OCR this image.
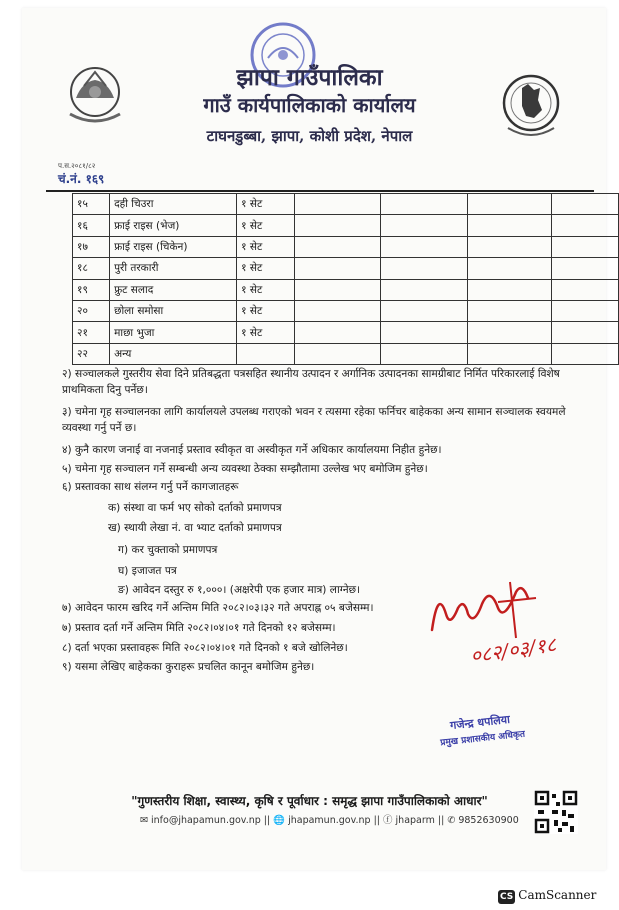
झापा गाउँपालिका
गाउँ कार्यपालिकाको कार्यालय
टाघनडुब्बा, झापा, कोशी प्रदेश, नेपाल
प.स.२०८१/८२
चं.नं. १६९
१५	दही चिउरा	१ सेट				
१६	फ्राई राइस (भेज)	१ सेट				
१७	फ्राई राइस (चिकेन)	१ सेट				
१८	पुरी तरकारी	१ सेट				
१९	फ्रुट सलाद	१ सेट				
२०	छोला समोसा	१ सेट				
२१	माछा भुजा	१ सेट				
२२	अन्य					
२) सञ्चालकले गुस्तरीय सेवा दिने प्रतिबद्धता पत्रसहित स्थानीय उत्पादन र अर्गानिक उत्पादनका सामग्रीबाट निर्मित परिकारलाई विशेष प्राथमिकता दिनु पर्नेछ।
३) चमेना गृह सञ्चालनका लागि कार्यालयले उपलब्ध गराएको भवन र त्यसमा रहेका फर्निचर बाहेकका अन्य सामान सञ्चालक स्वयमले व्यवस्था गर्नु पर्ने छ।
४) कुनै कारण जनाई वा नजनाई प्रस्ताव स्वीकृत वा अस्वीकृत गर्ने अधिकार कार्यालयमा निहीत हुनेछ।
५) चमेना गृह सञ्चालन गर्ने सम्बन्धी अन्य व्यवस्था ठेक्का सम्झौतामा उल्लेख भए बमोजिम हुनेछ।
६) प्रस्तावका साथ संलग्न गर्नु पर्ने कागजातहरू
क) संस्था वा फर्म भए सोको दर्ताको प्रमाणपत्र
ख) स्थायी लेखा नं. वा भ्याट दर्ताको प्रमाणपत्र
ग) कर चुक्ताको प्रमाणपत्र
घ) इजाजत पत्र
ङ) आवेदन दस्तुर रु १,०००। (अक्षरेपी एक हजार मात्र) लाग्नेछ।
७) आवेदन फारम खरिद गर्ने अन्तिम मिति २०८२।०३।३२ गते अपराह्न ०५ बजेसम्म।
७) प्रस्ताव दर्ता गर्ने अन्तिम मिति २०८२।०४।०१ गते दिनको १२ बजेसम्म।
८) दर्ता भएका प्रस्तावहरू मिति २०८२।०४।०१ गते दिनको १ बजे खोलिनेछ।
९) यसमा लेखिए बाहेकका कुराहरू प्रचलित कानून बमोजिम हुनेछ।	०८२/०३/१८
गजेन्द्र धपलिया
प्रमुख प्रशासकीय अधिकृत
"गुणस्तरीय शिक्षा, स्वास्थ्य, कृषि र पूर्वाधार : समृद्ध झापा गाउँपालिकाको आधार"
✉ info@jhapamun.gov.np || 🌐 jhapamun.gov.np || ⓕ jhaparm || ✆ 9852630900
CS CamScanner
